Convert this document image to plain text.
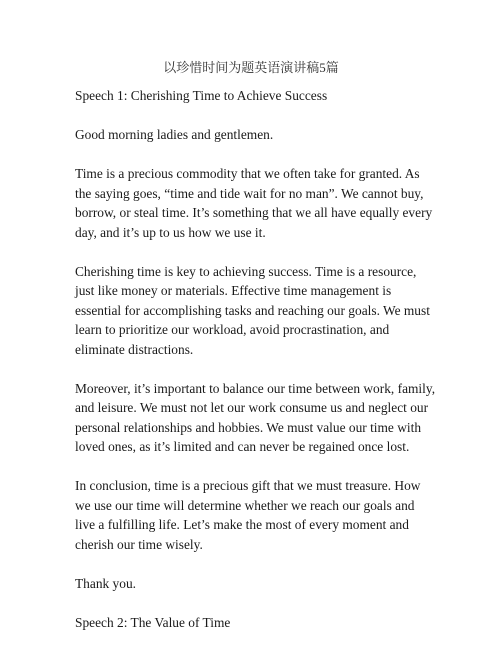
以珍惜时间为题英语演讲稿5篇

Speech 1: Cherishing Time to Achieve Success

Good morning ladies and gentlemen.

Time is a precious commodity that we often take for granted. As
the saying goes, “time and tide wait for no man”. We cannot buy,
borrow, or steal time. It’s something that we all have equally every
day, and it’s up to us how we use it.

Cherishing time is key to achieving success. Time is a resource,
just like money or materials. Effective time management is
essential for accomplishing tasks and reaching our goals. We must
learn to prioritize our workload, avoid procrastination, and
eliminate distractions.

Moreover, it’s important to balance our time between work, family,
and leisure. We must not let our work consume us and neglect our
personal relationships and hobbies. We must value our time with
loved ones, as it’s limited and can never be regained once lost.

In conclusion, time is a precious gift that we must treasure. How
we use our time will determine whether we reach our goals and
live a fulfilling life. Let’s make the most of every moment and
cherish our time wisely.

Thank you.

Speech 2: The Value of Time
